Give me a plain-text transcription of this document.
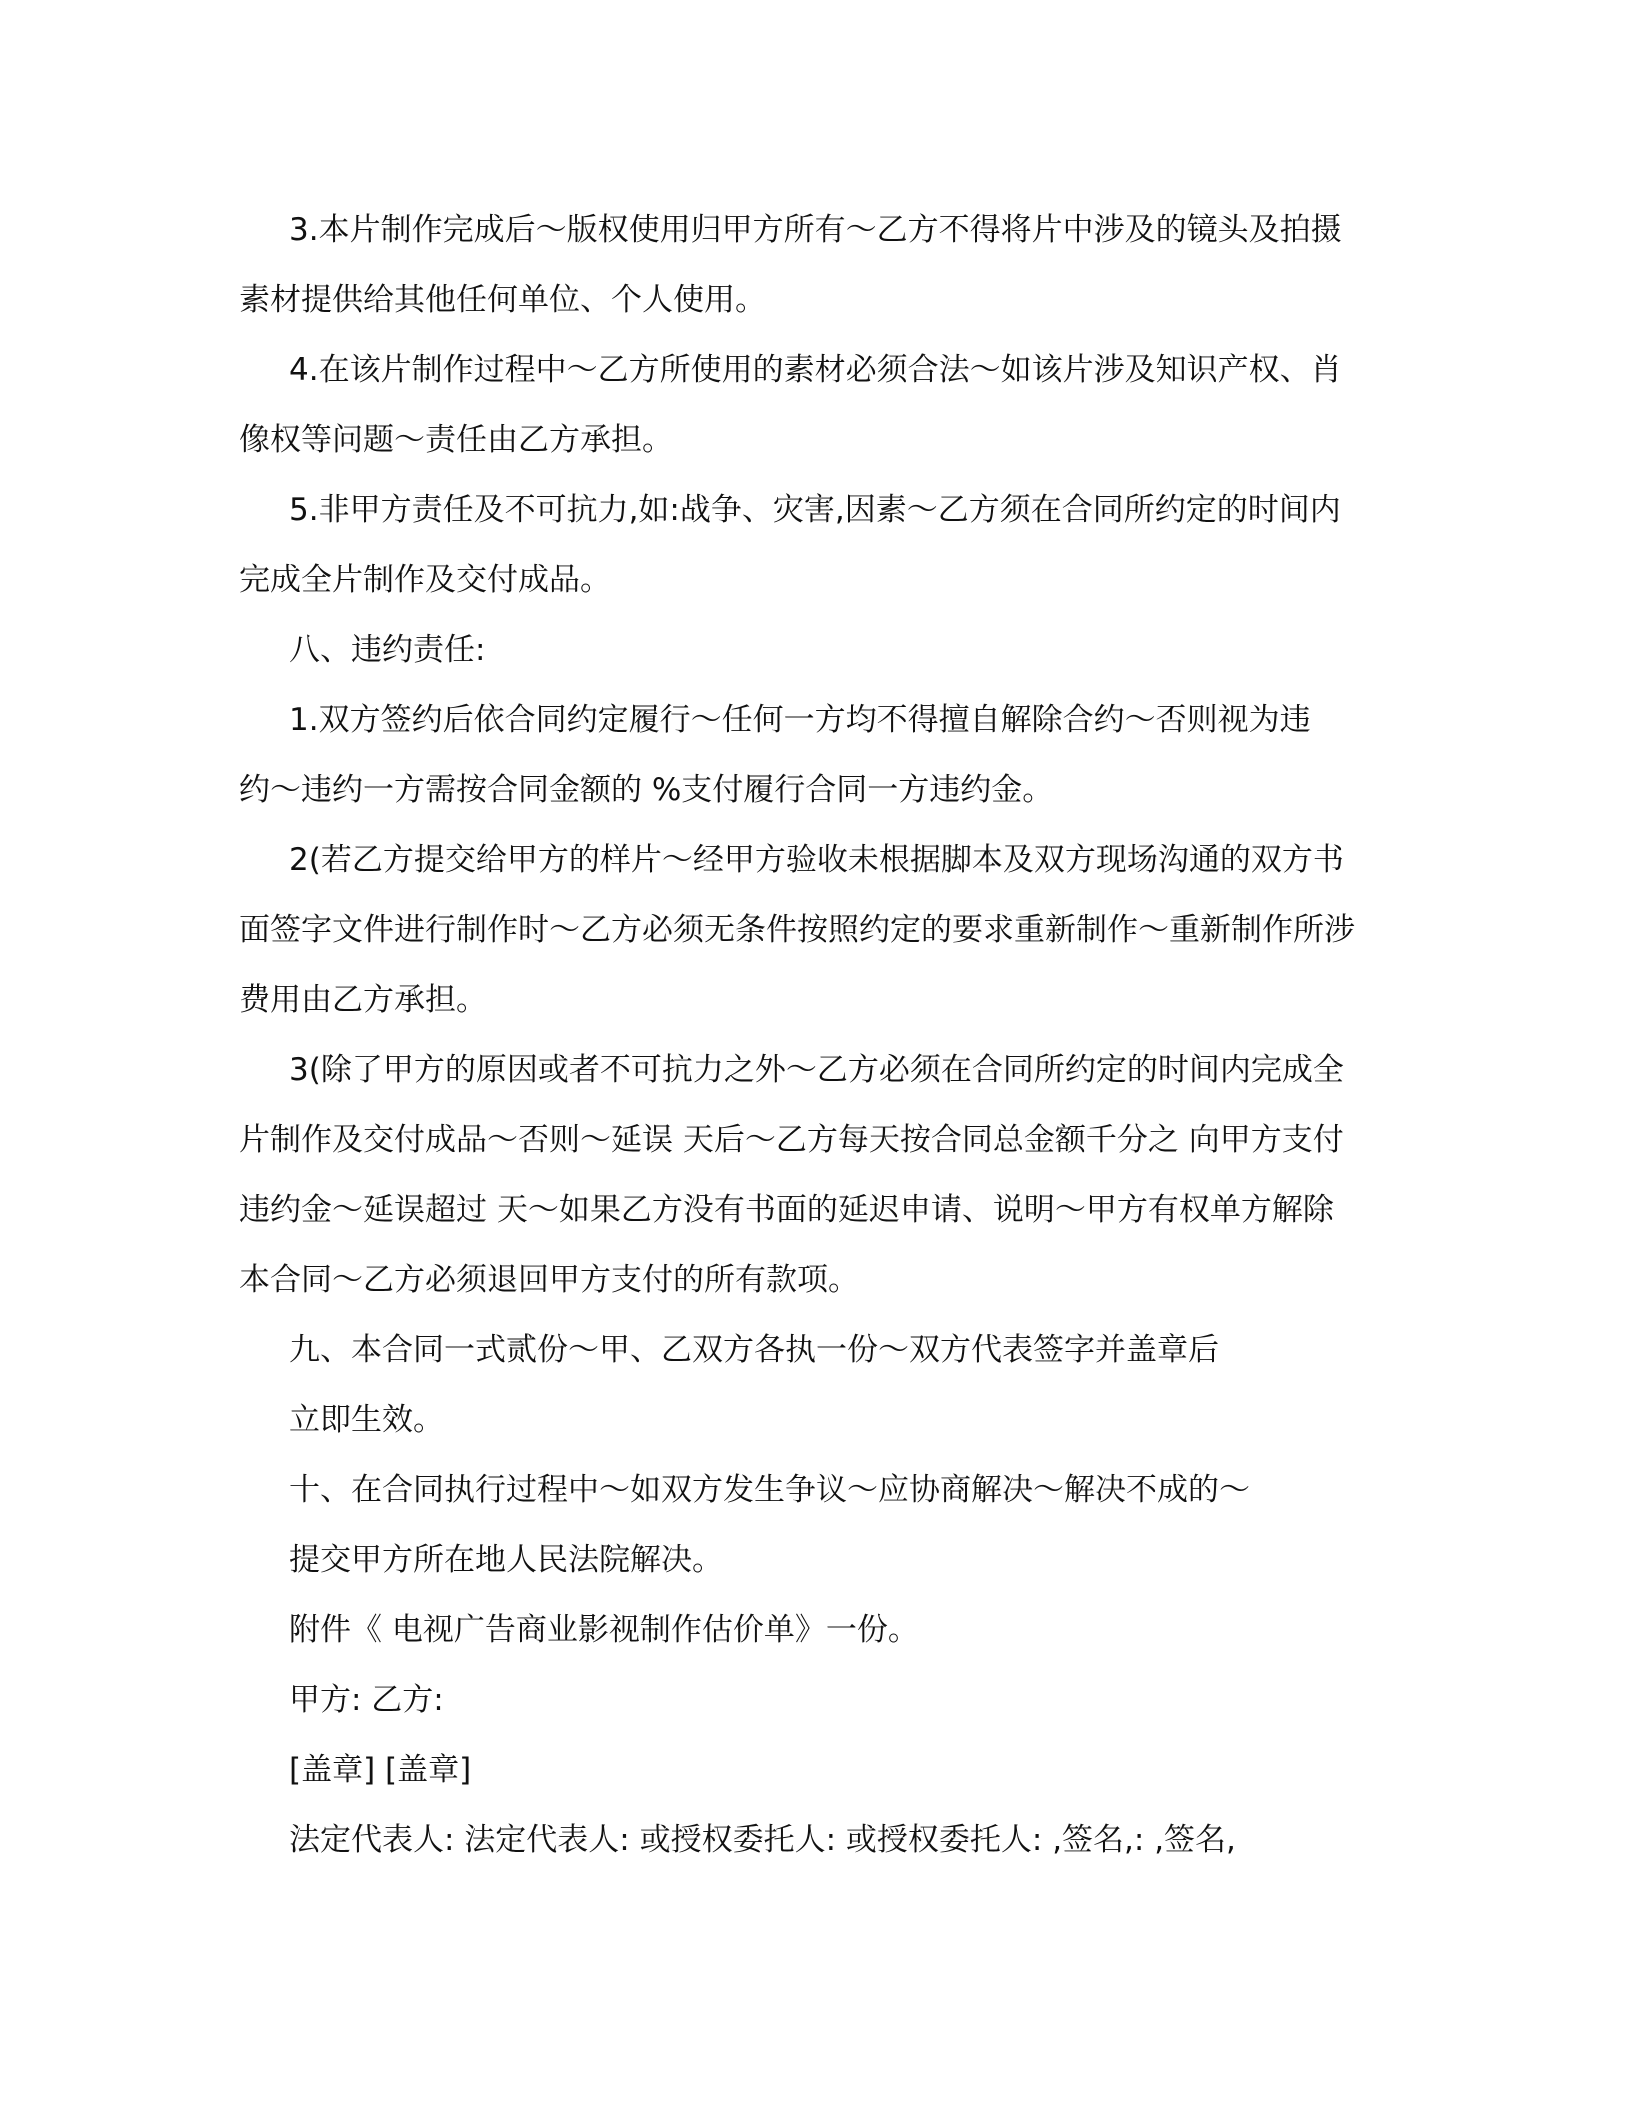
3.本片制作完成后～版权使用归甲方所有～乙方不得将片中涉及的镜头及拍摄
素材提供给其他任何单位、个人使用。

4.在该片制作过程中～乙方所使用的素材必须合法～如该片涉及知识产权、肖
像权等问题～责任由乙方承担。

5.非甲方责任及不可抗力,如:战争、灾害,因素～乙方须在合同所约定的时间内
完成全片制作及交付成品。

八、违约责任:

1.双方签约后依合同约定履行～任何一方均不得擅自解除合约～否则视为违
约～违约一方需按合同金额的 %支付履行合同一方违约金。

2(若乙方提交给甲方的样片～经甲方验收未根据脚本及双方现场沟通的双方书
面签字文件进行制作时～乙方必须无条件按照约定的要求重新制作～重新制作所涉
费用由乙方承担。

3(除了甲方的原因或者不可抗力之外～乙方必须在合同所约定的时间内完成全
片制作及交付成品～否则～延误 天后～乙方每天按合同总金额千分之 向甲方支付
违约金～延误超过 天～如果乙方没有书面的延迟申请、说明～甲方有权单方解除
本合同～乙方必须退回甲方支付的所有款项。

九、本合同一式贰份～甲、乙双方各执一份～双方代表签字并盖章后

立即生效。

十、在合同执行过程中～如双方发生争议～应协商解决～解决不成的～

提交甲方所在地人民法院解决。

附件《 电视广告商业影视制作估价单》一份。

甲方: 乙方:

[盖章] [盖章]

法定代表人: 法定代表人: 或授权委托人: 或授权委托人: ,签名,: ,签名,
